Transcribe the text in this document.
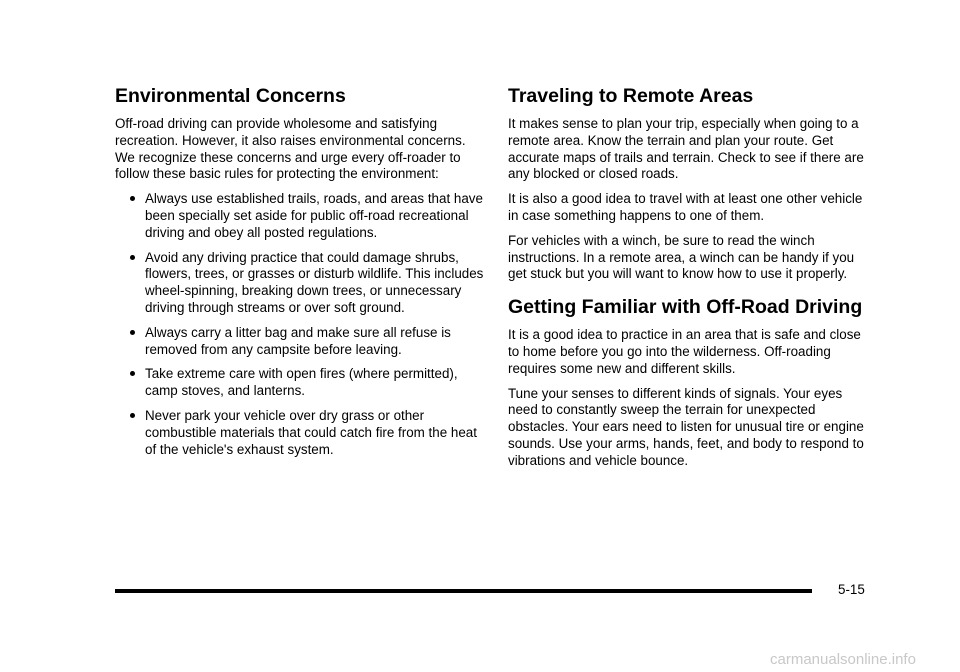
Environmental Concerns

Off-road driving can provide wholesome and satisfying recreation. However, it also raises environmental concerns. We recognize these concerns and urge every off-roader to follow these basic rules for protecting the environment:

Always use established trails, roads, and areas that have been specially set aside for public off-road recreational driving and obey all posted regulations.
Avoid any driving practice that could damage shrubs, flowers, trees, or grasses or disturb wildlife. This includes wheel-spinning, breaking down trees, or unnecessary driving through streams or over soft ground.
Always carry a litter bag and make sure all refuse is removed from any campsite before leaving.
Take extreme care with open fires (where permitted), camp stoves, and lanterns.
Never park your vehicle over dry grass or other combustible materials that could catch fire from the heat of the vehicle's exhaust system.
Traveling to Remote Areas

It makes sense to plan your trip, especially when going to a remote area. Know the terrain and plan your route. Get accurate maps of trails and terrain. Check to see if there are any blocked or closed roads.

It is also a good idea to travel with at least one other vehicle in case something happens to one of them.

For vehicles with a winch, be sure to read the winch instructions. In a remote area, a winch can be handy if you get stuck but you will want to know how to use it properly.

Getting Familiar with Off-Road Driving

It is a good idea to practice in an area that is safe and close to home before you go into the wilderness. Off-roading requires some new and different skills.

Tune your senses to different kinds of signals. Your eyes need to constantly sweep the terrain for unexpected obstacles. Your ears need to listen for unusual tire or engine sounds. Use your arms, hands, feet, and body to respond to vibrations and vehicle bounce.

5-15
carmanualsonline.info
